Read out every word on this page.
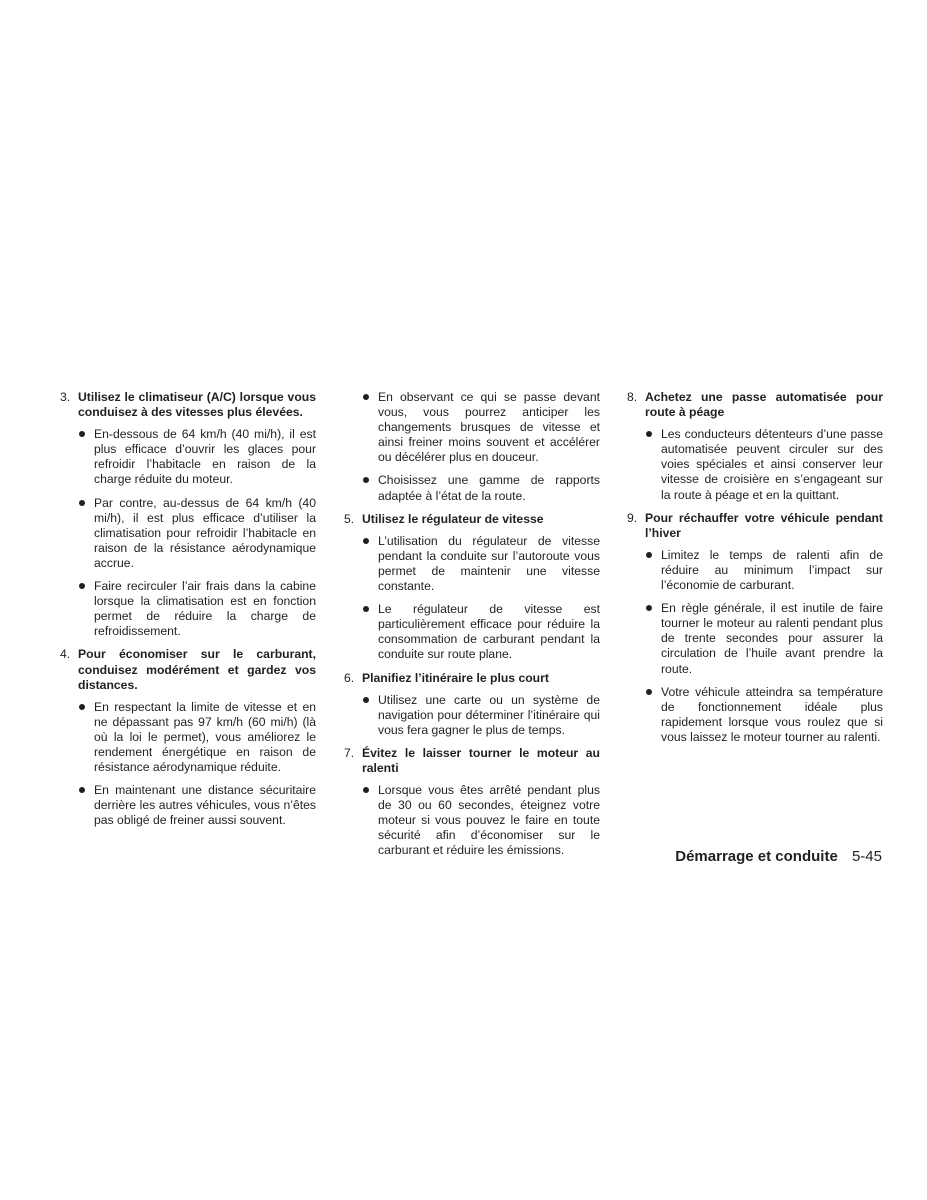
3. Utilisez le climatiseur (A/C) lorsque vous conduisez à des vitesses plus élevées.
En-dessous de 64 km/h (40 mi/h), il est plus efficace d’ouvrir les glaces pour refroidir l’habitacle en raison de la charge réduite du moteur.
Par contre, au-dessus de 64 km/h (40 mi/h), il est plus efficace d’utiliser la climatisation pour refroidir l’habitacle en raison de la résistance aérodynamique accrue.
Faire recirculer l’air frais dans la cabine lorsque la climatisation est en fonction permet de réduire la charge de refroidissement.
4. Pour économiser sur le carburant, conduisez modérément et gardez vos distances.
En respectant la limite de vitesse et en ne dépassant pas 97 km/h (60 mi/h) (là où la loi le permet), vous améliorez le rendement énergétique en raison de résistance aérodynamique réduite.
En maintenant une distance sécuritaire derrière les autres véhicules, vous n’êtes pas obligé de freiner aussi souvent.
En observant ce qui se passe devant vous, vous pourrez anticiper les changements brusques de vitesse et ainsi freiner moins souvent et accélérer ou décélérer plus en douceur.
Choisissez une gamme de rapports adaptée à l’état de la route.
5. Utilisez le régulateur de vitesse
L’utilisation du régulateur de vitesse pendant la conduite sur l’autoroute vous permet de maintenir une vitesse constante.
Le régulateur de vitesse est particulièrement efficace pour réduire la consommation de carburant pendant la conduite sur route plane.
6. Planifiez l’itinéraire le plus court
Utilisez une carte ou un système de navigation pour déterminer l’itinéraire qui vous fera gagner le plus de temps.
7. Évitez le laisser tourner le moteur au ralenti
Lorsque vous êtes arrêté pendant plus de 30 ou 60 secondes, éteignez votre moteur si vous pouvez le faire en toute sécurité afin d’économiser sur le carburant et réduire les émissions.
8. Achetez une passe automatisée pour route à péage
Les conducteurs détenteurs d’une passe automatisée peuvent circuler sur des voies spéciales et ainsi conserver leur vitesse de croisière en s’engageant sur la route à péage et en la quittant.
9. Pour réchauffer votre véhicule pendant l’hiver
Limitez le temps de ralenti afin de réduire au minimum l’impact sur l’économie de carburant.
En règle générale, il est inutile de faire tourner le moteur au ralenti pendant plus de trente secondes pour assurer la circulation de l’huile avant prendre la route.
Votre véhicule atteindra sa température de fonctionnement idéale plus rapidement lorsque vous roulez que si vous laissez le moteur tourner au ralenti.
Démarrage et conduite 5-45
